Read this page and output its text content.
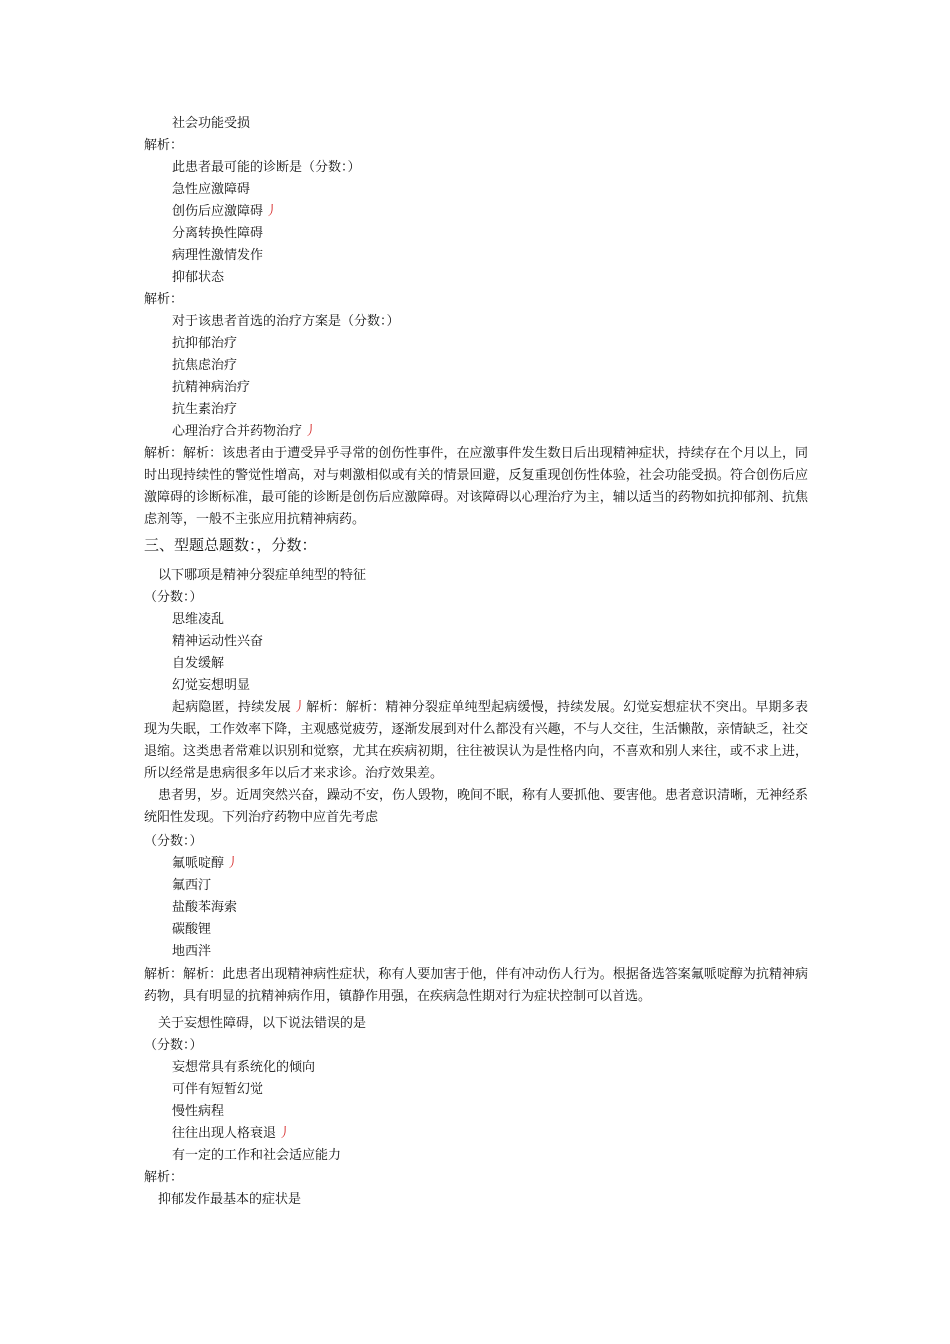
社会功能受损
解析：
此患者最可能的诊断是（分数：）
急性应激障碍
创伤后应激障碍 丿
分离转换性障碍
病理性激情发作
抑郁状态
解析：
对于该患者首选的治疗方案是（分数：）
抗抑郁治疗
抗焦虑治疗
抗精神病治疗
抗生素治疗
心理治疗合并药物治疗 丿
解析：解析：该患者由于遭受异乎寻常的创伤性事件，在应激事件发生数日后出现精神症状，持续存在个月以上，同时出现持续性的警觉性增高，对与刺激相似或有关的情景回避，反复重现创伤性体验，社会功能受损。符合创伤后应激障碍的诊断标准，最可能的诊断是创伤后应激障碍。对该障碍以心理治疗为主，辅以适当的药物如抗抑郁剂、抗焦虑剂等，一般不主张应用抗精神病药。
三、型题总题数：，分数：
以下哪项是精神分裂症单纯型的特征
（分数：）
思维凌乱
精神运动性兴奋
自发缓解
幻觉妄想明显
起病隐匿，持续发展 丿解析：解析：精神分裂症单纯型起病缓慢，持续发展。幻觉妄想症状不突出。早期多表现为失眠，工作效率下降，主观感觉疲劳，逐渐发展到对什么都没有兴趣，不与人交往，生活懒散，亲情缺乏，社交退缩。这类患者常难以识别和觉察，尤其在疾病初期，往往被误认为是性格内向，不喜欢和别人来往，或不求上进，所以经常是患病很多年以后才来求诊。治疗效果差。
患者男，岁。近周突然兴奋，躁动不安，伤人毁物，晚间不眠，称有人要抓他、要害他。患者意识清晰，无神经系统阳性发现。下列治疗药物中应首先考虑
（分数：）
氟哌啶醇 丿
氟西汀
盐酸苯海索
碳酸锂
地西泮
解析：解析：此患者出现精神病性症状，称有人要加害于他，伴有冲动伤人行为。根据备选答案氟哌啶醇为抗精神病药物，具有明显的抗精神病作用，镇静作用强，在疾病急性期对行为症状控制可以首选。
关于妄想性障碍，以下说法错误的是
（分数：）
妄想常具有系统化的倾向
可伴有短暂幻觉
慢性病程
往往出现人格衰退 丿
有一定的工作和社会适应能力
解析：
抑郁发作最基本的症状是
